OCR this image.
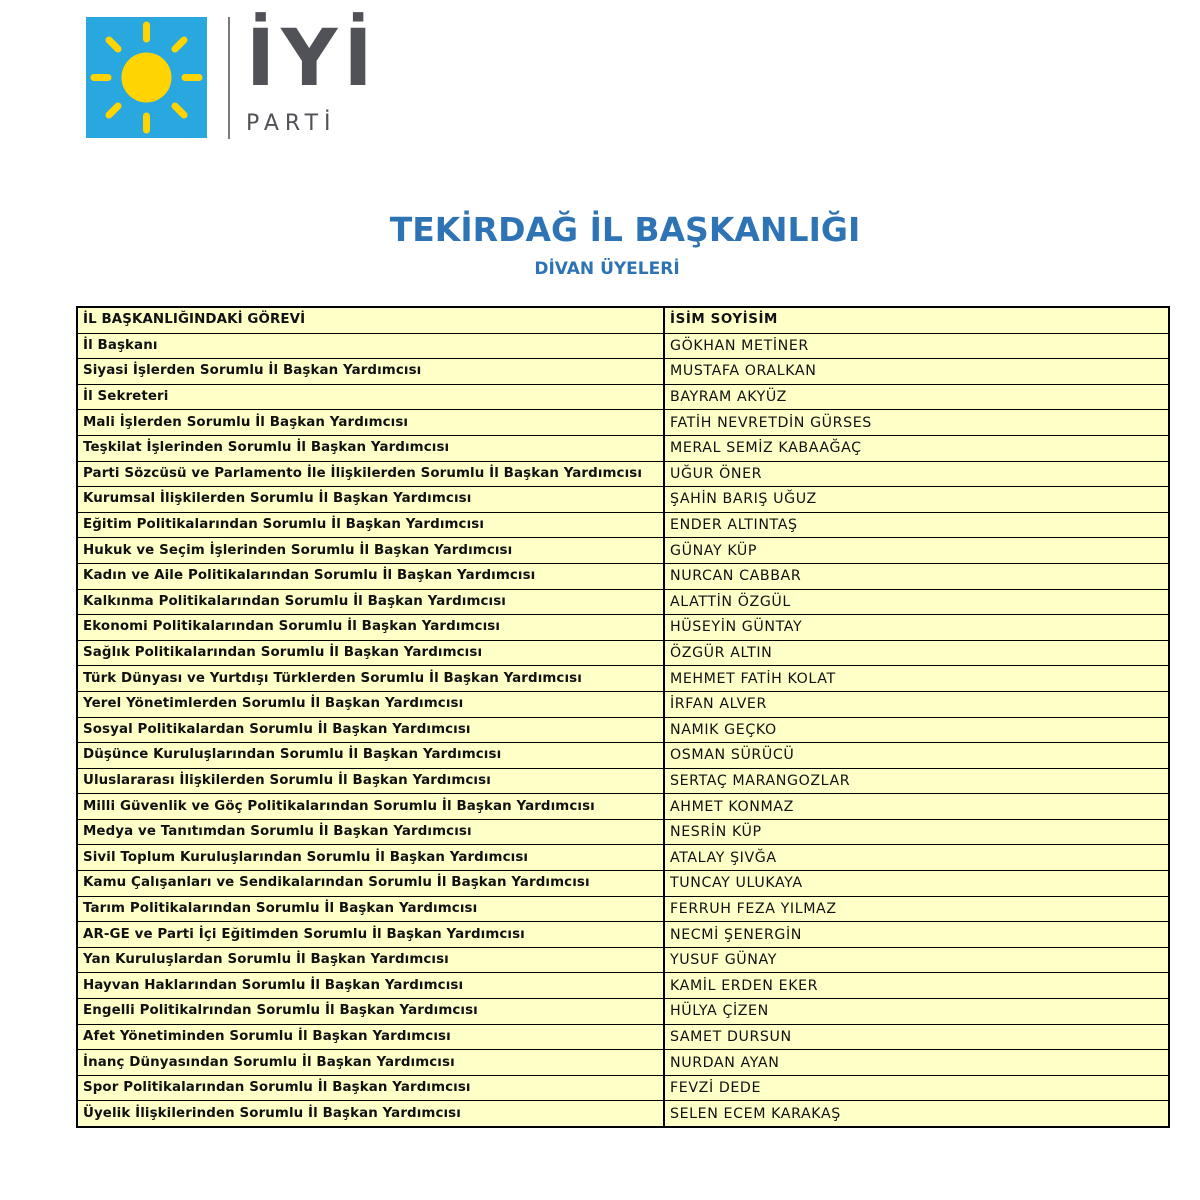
İYİ
PARTİ
TEKİRDAĞ İL BAŞKANLIĞI
DİVAN ÜYELERİ
İL BAŞKANLIĞINDAKİ GÖREVİ	İSİM SOYİSİM
İl Başkanı	GÖKHAN METİNER
Siyasi İşlerden Sorumlu İl Başkan Yardımcısı	MUSTAFA ORALKAN
İl Sekreteri	BAYRAM AKYÜZ
Mali İşlerden Sorumlu İl Başkan Yardımcısı	FATİH NEVRETDİN GÜRSES
Teşkilat İşlerinden Sorumlu İl Başkan Yardımcısı	MERAL SEMİZ KABAAĞAÇ
Parti Sözcüsü ve Parlamento İle İlişkilerden Sorumlu İl Başkan Yardımcısı	UĞUR ÖNER
Kurumsal İlişkilerden Sorumlu İl Başkan Yardımcısı	ŞAHİN BARIŞ UĞUZ
Eğitim Politikalarından Sorumlu İl Başkan Yardımcısı	ENDER ALTINTAŞ
Hukuk ve Seçim İşlerinden Sorumlu İl Başkan Yardımcısı	GÜNAY KÜP
Kadın ve Aile Politikalarından Sorumlu İl Başkan Yardımcısı	NURCAN CABBAR
Kalkınma Politikalarından Sorumlu İl Başkan Yardımcısı	ALATTİN ÖZGÜL
Ekonomi Politikalarından Sorumlu İl Başkan Yardımcısı	HÜSEYİN GÜNTAY
Sağlık Politikalarından Sorumlu İl Başkan Yardımcısı	ÖZGÜR ALTIN
Türk Dünyası ve Yurtdışı Türklerden Sorumlu İl Başkan Yardımcısı	MEHMET FATİH KOLAT
Yerel Yönetimlerden Sorumlu İl Başkan Yardımcısı	İRFAN ALVER
Sosyal Politikalardan Sorumlu İl Başkan Yardımcısı	NAMIK GEÇKO
Düşünce Kuruluşlarından Sorumlu İl Başkan Yardımcısı	OSMAN SÜRÜCÜ
Uluslararası İlişkilerden Sorumlu İl Başkan Yardımcısı	SERTAÇ MARANGOZLAR
Milli Güvenlik ve Göç Politikalarından Sorumlu İl Başkan Yardımcısı	AHMET KONMAZ
Medya ve Tanıtımdan Sorumlu İl Başkan Yardımcısı	NESRİN KÜP
Sivil Toplum Kuruluşlarından Sorumlu İl Başkan Yardımcısı	ATALAY ŞIVĞA
Kamu Çalışanları ve Sendikalarından Sorumlu İl Başkan Yardımcısı	TUNCAY ULUKAYA
Tarım Politikalarından Sorumlu İl Başkan Yardımcısı	FERRUH FEZA YILMAZ
AR-GE ve Parti İçi Eğitimden Sorumlu İl Başkan Yardımcısı	NECMİ ŞENERGİN
Yan Kuruluşlardan Sorumlu İl Başkan Yardımcısı	YUSUF GÜNAY
Hayvan Haklarından Sorumlu İl Başkan Yardımcısı	KAMİL ERDEN EKER
Engelli Politikalrından Sorumlu İl Başkan Yardımcısı	HÜLYA ÇİZEN
Afet Yönetiminden Sorumlu İl Başkan Yardımcısı	SAMET DURSUN
İnanç Dünyasından Sorumlu İl Başkan Yardımcısı	NURDAN AYAN
Spor Politikalarından Sorumlu İl Başkan Yardımcısı	FEVZİ DEDE
Üyelik İlişkilerinden Sorumlu İl Başkan Yardımcısı	SELEN ECEM KARAKAŞ
